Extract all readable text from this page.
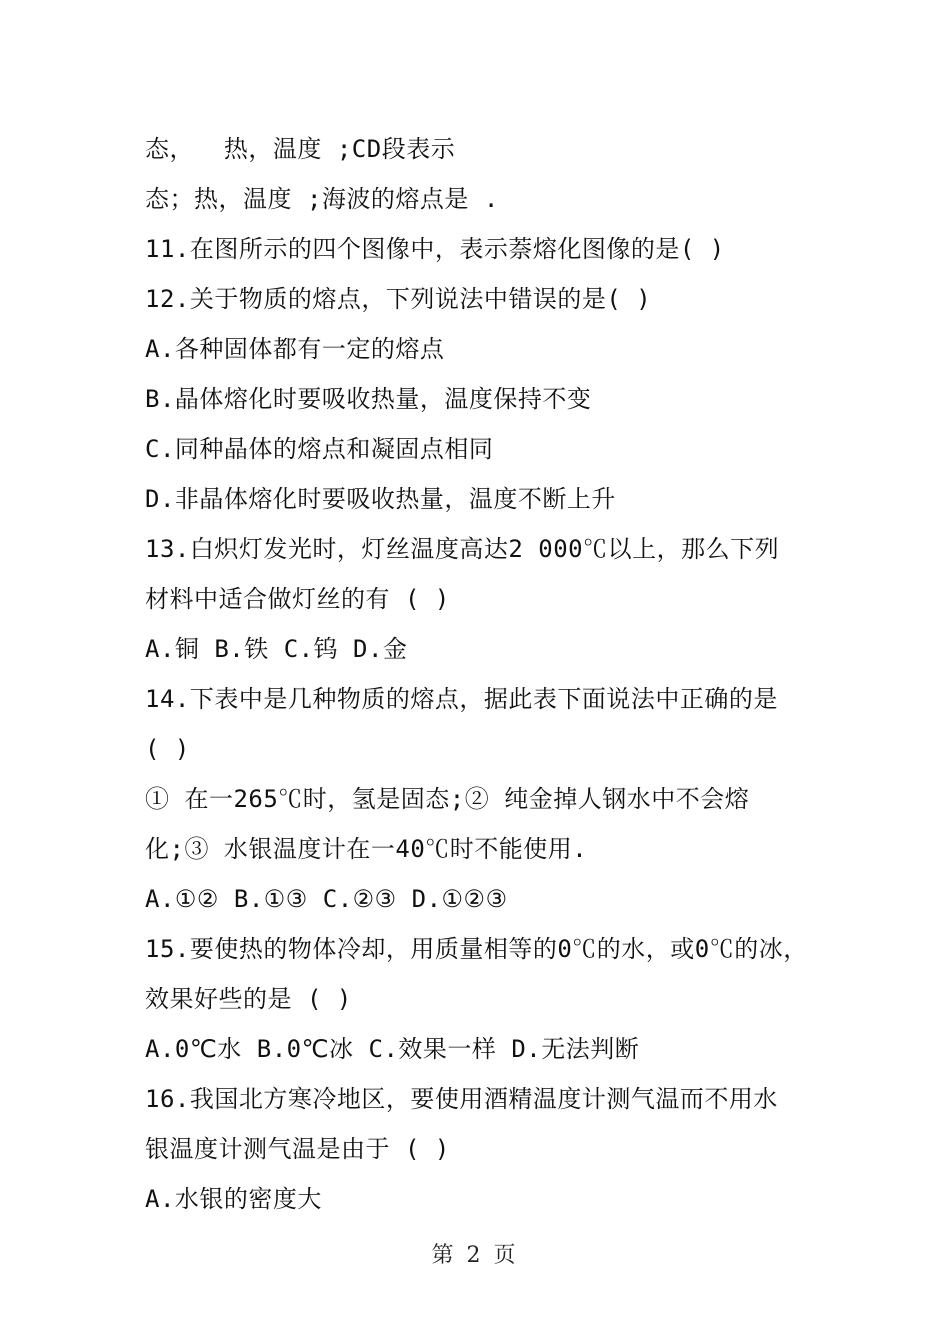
态，  热，温度 ;CD段表示
态；热，温度 ;海波的熔点是 .
11.在图所示的四个图像中，表示萘熔化图像的是( )
12.关于物质的熔点，下列说法中错误的是( )
A.各种固体都有一定的熔点
B.晶体熔化时要吸收热量，温度保持不变
C.同种晶体的熔点和凝固点相同
D.非晶体熔化时要吸收热量，温度不断上升
13.白炽灯发光时，灯丝温度高达2 000℃以上，那么下列
材料中适合做灯丝的有 ( )
A.铜 B.铁 C.钨 D.金
14.下表中是几种物质的熔点，据此表下面说法中正确的是
( )
① 在一265℃时，氢是固态;② 纯金掉人钢水中不会熔
化;③ 水银温度计在一40℃时不能使用.
A.①② B.①③ C.②③ D.①②③
15.要使热的物体冷却，用质量相等的0℃的水，或0℃的冰，
效果好些的是 ( )
A.0℃水 B.0℃冰 C.效果一样 D.无法判断
16.我国北方寒冷地区，要使用酒精温度计测气温而不用水
银温度计测气温是由于 ( )
A.水银的密度大
第 2 页
